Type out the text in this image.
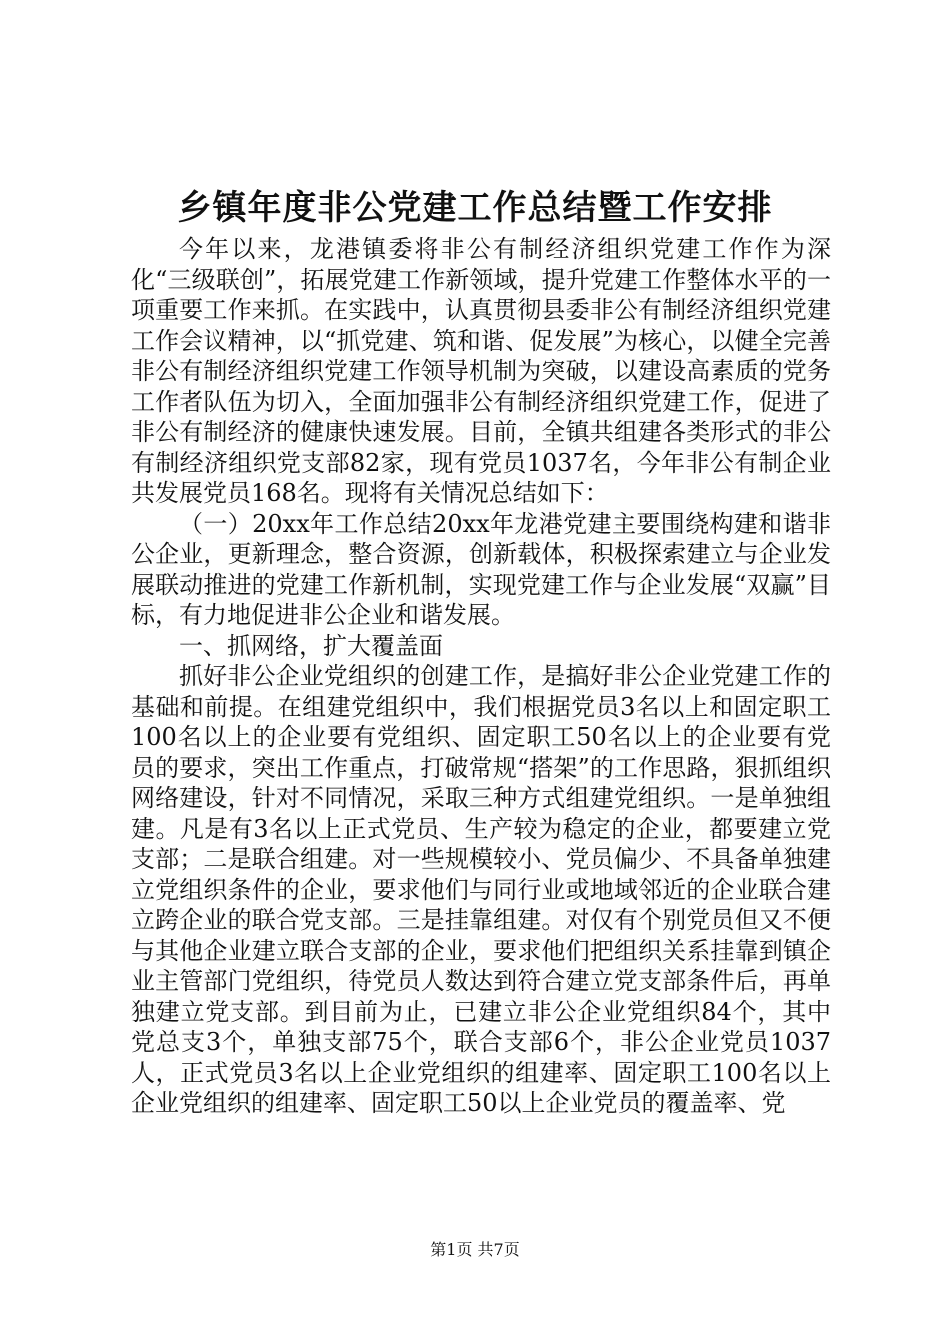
乡镇年度非公党建工作总结暨工作安排

今年以来，龙港镇委将非公有制经济组织党建工作作为深化“三级联创”，拓展党建工作新领域，提升党建工作整体水平的一项重要工作来抓。在实践中，认真贯彻县委非公有制经济组织党建工作会议精神，以“抓党建、筑和谐、促发展”为核心，以健全完善非公有制经济组织党建工作领导机制为突破，以建设高素质的党务工作者队伍为切入，全面加强非公有制经济组织党建工作，促进了非公有制经济的健康快速发展。目前，全镇共组建各类形式的非公有制经济组织党支部82家，现有党员1037名，今年非公有制企业共发展党员168名。现将有关情况总结如下：

（一）20xx年工作总结20xx年龙港党建主要围绕构建和谐非公企业，更新理念，整合资源，创新载体，积极探索建立与企业发展联动推进的党建工作新机制，实现党建工作与企业发展“双赢”目标，有力地促进非公企业和谐发展。

一、抓网络，扩大覆盖面

抓好非公企业党组织的创建工作，是搞好非公企业党建工作的基础和前提。在组建党组织中，我们根据党员3名以上和固定职工100名以上的企业要有党组织、固定职工50名以上的企业要有党员的要求，突出工作重点，打破常规“搭架”的工作思路，狠抓组织网络建设，针对不同情况，采取三种方式组建党组织。一是单独组建。凡是有3名以上正式党员、生产较为稳定的企业，都要建立党支部；二是联合组建。对一些规模较小、党员偏少、不具备单独建立党组织条件的企业，要求他们与同行业或地域邻近的企业联合建立跨企业的联合党支部。三是挂靠组建。对仅有个别党员但又不便与其他企业建立联合支部的企业，要求他们把组织关系挂靠到镇企业主管部门党组织，待党员人数达到符合建立党支部条件后，再单独建立党支部。到目前为止，已建立非公企业党组织84个，其中党总支3个，单独支部75个，联合支部6个，非公企业党员1037人，正式党员3名以上企业党组织的组建率、固定职工100名以上企业党组织的组建率、固定职工50以上企业党员的覆盖率、党

第1页 共7页
